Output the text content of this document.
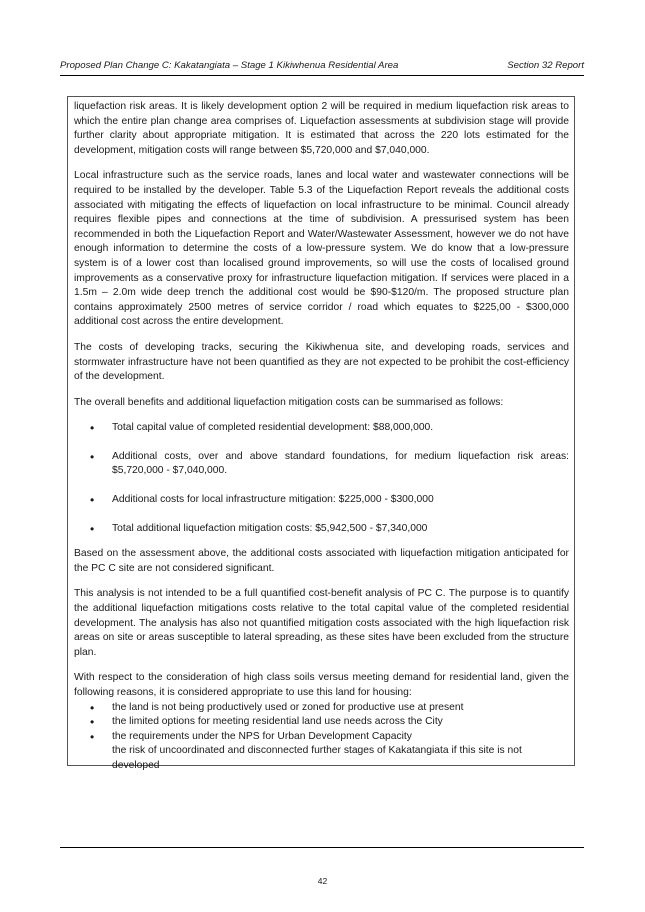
Proposed Plan Change C: Kakatangiata – Stage 1 Kikiwhenua Residential Area	Section 32 Report

liquefaction risk areas. It is likely development option 2 will be required in medium liquefaction risk areas to which the entire plan change area comprises of. Liquefaction assessments at subdivision stage will provide further clarity about appropriate mitigation. It is estimated that across the 220 lots estimated for the development, mitigation costs will range between $5,720,000 and $7,040,000.

Local infrastructure such as the service roads, lanes and local water and wastewater connections will be required to be installed by the developer. Table 5.3 of the Liquefaction Report reveals the additional costs associated with mitigating the effects of liquefaction on local infrastructure to be minimal. Council already requires flexible pipes and connections at the time of subdivision. A pressurised system has been recommended in both the Liquefaction Report and Water/Wastewater Assessment, however we do not have enough information to determine the costs of a low-pressure system. We do know that a low-pressure system is of a lower cost than localised ground improvements, so will use the costs of localised ground improvements as a conservative proxy for infrastructure liquefaction mitigation. If services were placed in a 1.5m – 2.0m wide deep trench the additional cost would be $90-$120/m. The proposed structure plan contains approximately 2500 metres of service corridor / road which equates to $225,00 - $300,000 additional cost across the entire development.

The costs of developing tracks, securing the Kikiwhenua site, and developing roads, services and stormwater infrastructure have not been quantified as they are not expected to be prohibit the cost-efficiency of the development.

The overall benefits and additional liquefaction mitigation costs can be summarised as follows:

• Total capital value of completed residential development: $88,000,000.
• Additional costs, over and above standard foundations, for medium liquefaction risk areas: $5,720,000 - $7,040,000.
• Additional costs for local infrastructure mitigation: $225,000 - $300,000
• Total additional liquefaction mitigation costs: $5,942,500 - $7,340,000

Based on the assessment above, the additional costs associated with liquefaction mitigation anticipated for the PC C site are not considered significant.

This analysis is not intended to be a full quantified cost-benefit analysis of PC C. The purpose is to quantify the additional liquefaction mitigations costs relative to the total capital value of the completed residential development. The analysis has also not quantified mitigation costs associated with the high liquefaction risk areas on site or areas susceptible to lateral spreading, as these sites have been excluded from the structure plan.

With respect to the consideration of high class soils versus meeting demand for residential land, given the following reasons, it is considered appropriate to use this land for housing:

• the land is not being productively used or zoned for productive use at present
• the limited options for meeting residential land use needs across the City
• the requirements under the NPS for Urban Development Capacity
the risk of uncoordinated and disconnected further stages of Kakatangiata if this site is not developed
42
